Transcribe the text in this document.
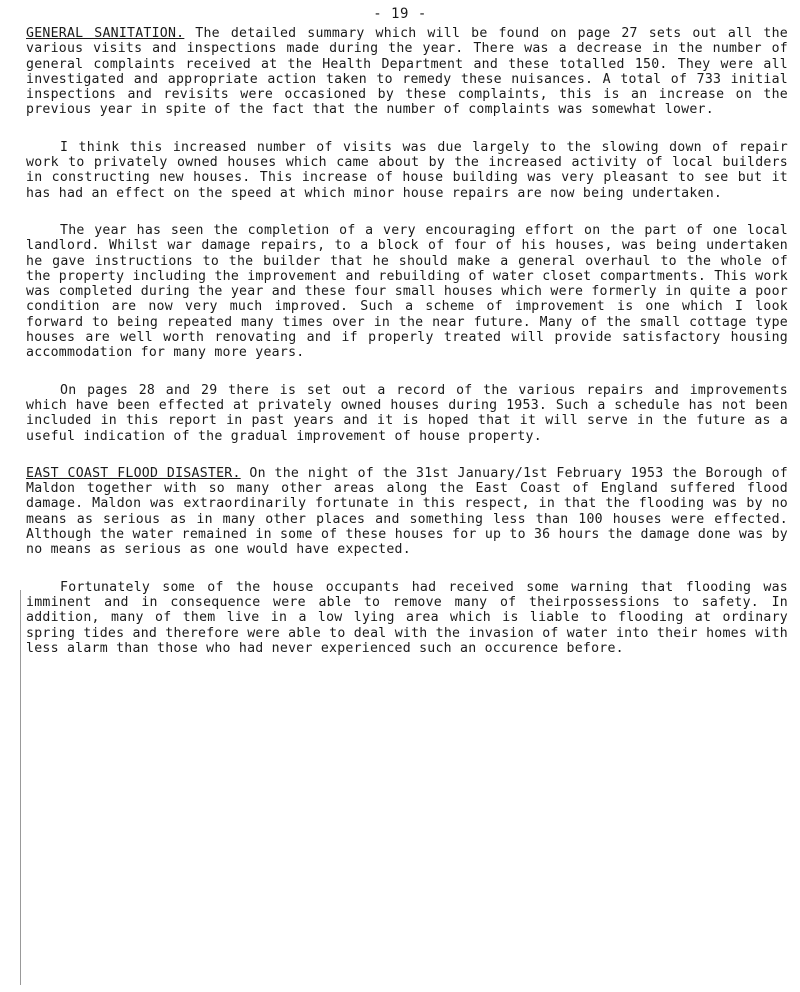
- 19 -

GENERAL SANITATION. The detailed summary which will be found on page 27 sets out all the various visits and inspections made during the year. There was a decrease in the number of general complaints received at the Health Department and these totalled 150. They were all investigated and appropriate action taken to remedy these nuisances. A total of 733 initial inspections and revisits were occasioned by these complaints, this is an increase on the previous year in spite of the fact that the number of complaints was somewhat lower.

I think this increased number of visits was due largely to the slowing down of repair work to privately owned houses which came about by the increased activity of local builders in constructing new houses. This increase of house building was very pleasant to see but it has had an effect on the speed at which minor house repairs are now being undertaken.

The year has seen the completion of a very encouraging effort on the part of one local landlord. Whilst war damage repairs, to a block of four of his houses, was being undertaken he gave instructions to the builder that he should make a general overhaul to the whole of the property including the improvement and rebuilding of water closet compartments. This work was completed during the year and these four small houses which were formerly in quite a poor condition are now very much improved. Such a scheme of improvement is one which I look forward to being repeated many times over in the near future. Many of the small cottage type houses are well worth renovating and if properly treated will provide satisfactory housing accommodation for many more years.

On pages 28 and 29 there is set out a record of the various repairs and improvements which have been effected at privately owned houses during 1953. Such a schedule has not been included in this report in past years and it is hoped that it will serve in the future as a useful indication of the gradual improvement of house property.

EAST COAST FLOOD DISASTER. On the night of the 31st January/1st February 1953 the Borough of Maldon together with so many other areas along the East Coast of England suffered flood damage. Maldon was extraordinarily fortunate in this respect, in that the flooding was by no means as serious as in many other places and something less than 100 houses were effected. Although the water remained in some of these houses for up to 36 hours the damage done was by no means as serious as one would have expected.

Fortunately some of the house occupants had received some warning that flooding was imminent and in consequence were able to remove many of theirpossessions to safety. In addition, many of them live in a low lying area which is liable to flooding at ordinary spring tides and therefore were able to deal with the invasion of water into their homes with less alarm than those who had never experienced such an occurence before.
